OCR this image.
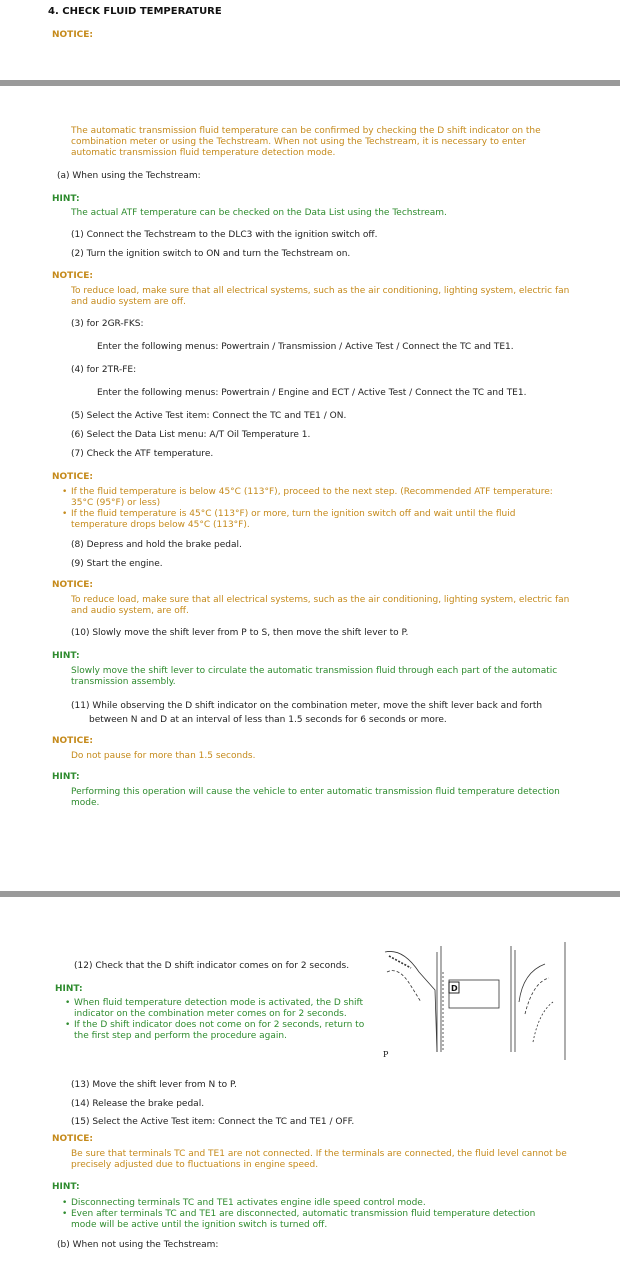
4. CHECK FLUID TEMPERATURE
NOTICE:
The automatic transmission fluid temperature can be confirmed by checking the D shift indicator on the combination meter or using the Techstream. When not using the Techstream, it is necessary to enter automatic transmission fluid temperature detection mode.
(a) When using the Techstream:
HINT:
The actual ATF temperature can be checked on the Data List using the Techstream.
(1) Connect the Techstream to the DLC3 with the ignition switch off.
(2) Turn the ignition switch to ON and turn the Techstream on.
NOTICE:
To reduce load, make sure that all electrical systems, such as the air conditioning, lighting system, electric fan and audio system are off.
(3) for 2GR-FKS:
Enter the following menus: Powertrain / Transmission / Active Test / Connect the TC and TE1.
(4) for 2TR-FE:
Enter the following menus: Powertrain / Engine and ECT / Active Test / Connect the TC and TE1.
(5) Select the Active Test item: Connect the TC and TE1 / ON.
(6) Select the Data List menu: A/T Oil Temperature 1.
(7) Check the ATF temperature.
NOTICE:
• If the fluid temperature is below 45°C (113°F), proceed to the next step. (Recommended ATF temperature: 35°C (95°F) or less)
• If the fluid temperature is 45°C (113°F) or more, turn the ignition switch off and wait until the fluid temperature drops below 45°C (113°F).
(8) Depress and hold the brake pedal.
(9) Start the engine.
NOTICE:
To reduce load, make sure that all electrical systems, such as the air conditioning, lighting system, electric fan and audio system, are off.
(10) Slowly move the shift lever from P to S, then move the shift lever to P.
HINT:
Slowly move the shift lever to circulate the automatic transmission fluid through each part of the automatic transmission assembly.
(11) While observing the D shift indicator on the combination meter, move the shift lever back and forth between N and D at an interval of less than 1.5 seconds for 6 seconds or more.
NOTICE:
Do not pause for more than 1.5 seconds.
HINT:
Performing this operation will cause the vehicle to enter automatic transmission fluid temperature detection mode.
(12) Check that the D shift indicator comes on for 2 seconds.
HINT:
• When fluid temperature detection mode is activated, the D shift indicator on the combination meter comes on for 2 seconds.
• If the D shift indicator does not come on for 2 seconds, return to the first step and perform the procedure again.
D
P
(13) Move the shift lever from N to P.
(14) Release the brake pedal.
(15) Select the Active Test item: Connect the TC and TE1 / OFF.
NOTICE:
Be sure that terminals TC and TE1 are not connected. If the terminals are connected, the fluid level cannot be precisely adjusted due to fluctuations in engine speed.
HINT:
• Disconnecting terminals TC and TE1 activates engine idle speed control mode.
• Even after terminals TC and TE1 are disconnected, automatic transmission fluid temperature detection mode will be active until the ignition switch is turned off.
(b) When not using the Techstream:
